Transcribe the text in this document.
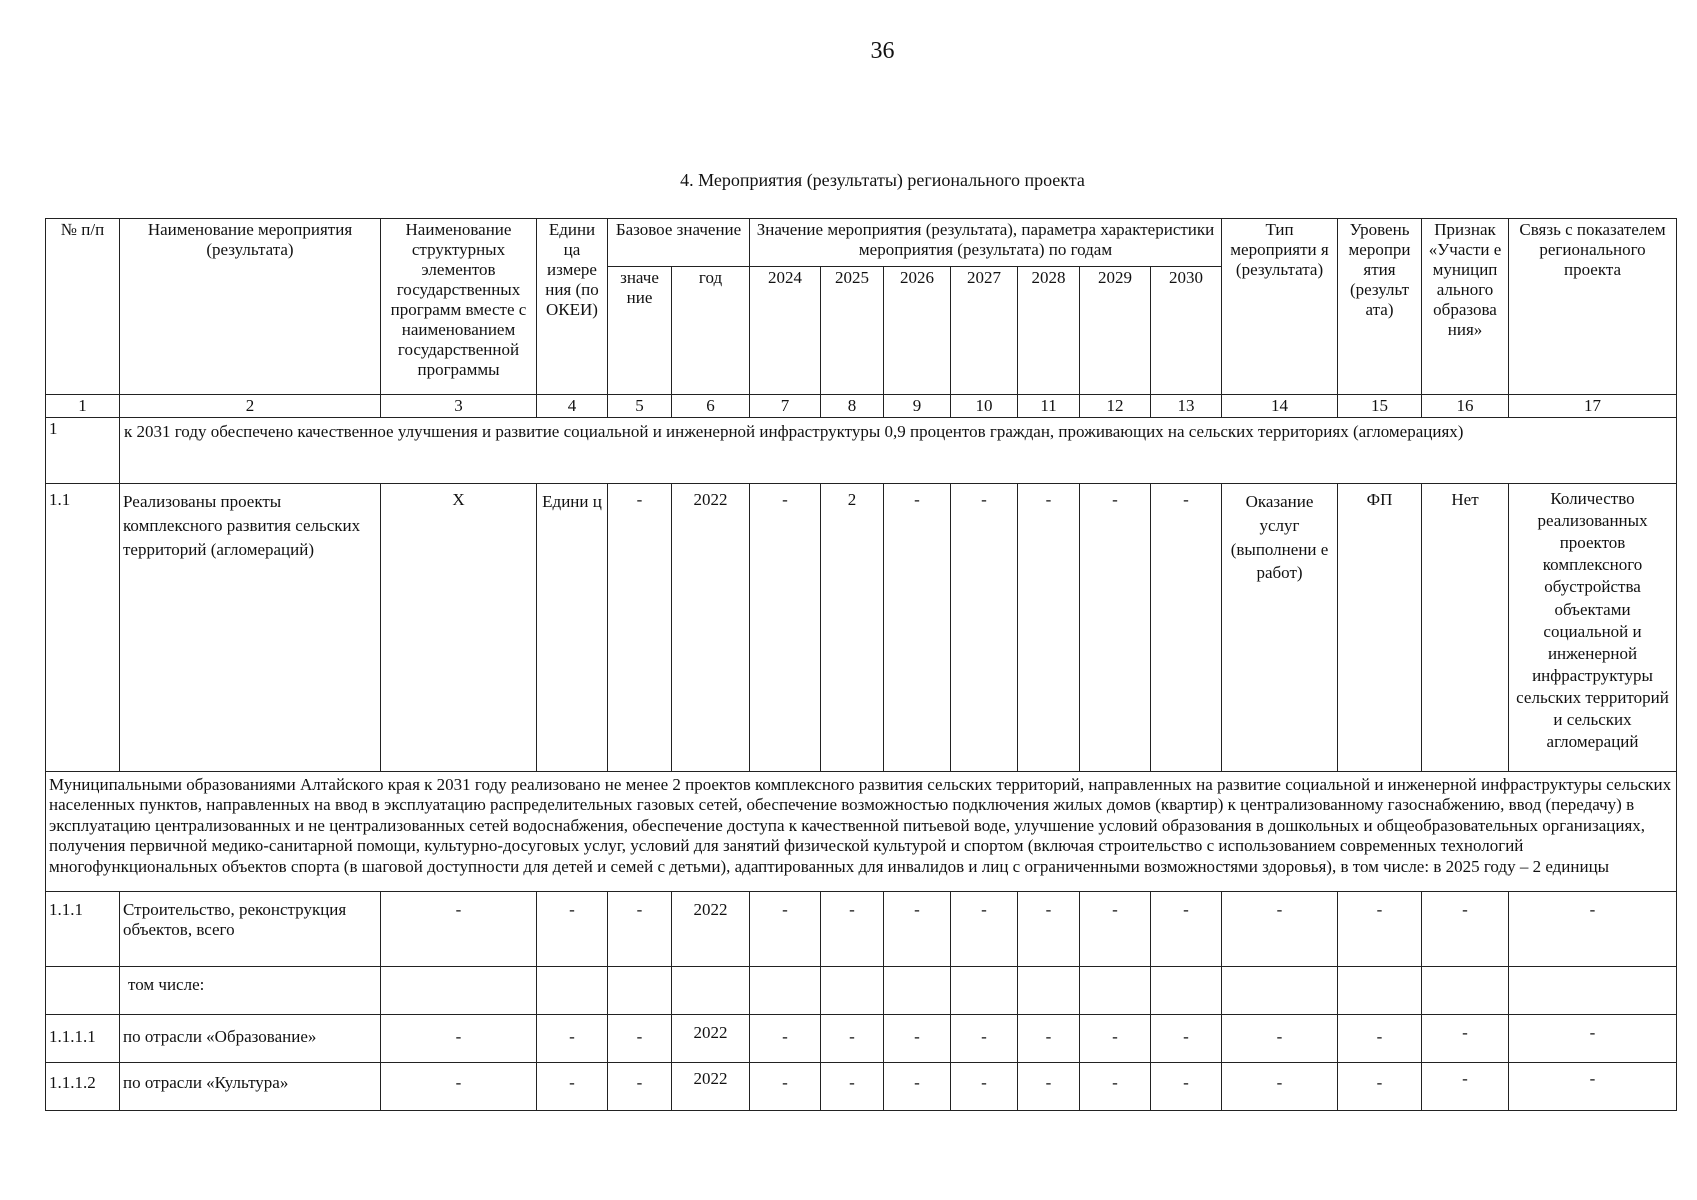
36
4. Мероприятия (результаты) регионального проекта
№ п/п	Наименование мероприятия (результата)	Наименование структурных элементов государственных программ вместе с наименованием государственной программы	Едини ца измере ния (по ОКЕИ)	Базовое значение		Значение мероприятия (результата), параметра характеристики мероприятия (результата) по годам							Тип мероприяти я (результата)	Уровень меропри ятия (результ ата)	Признак «Участи е муницип ального образова ния»	Связь с показателем регионального проекта
				значе ние	год	2024	2025	2026	2027	2028	2029	2030				
1	2	3	4	5	6	7	8	9	10	11	12	13	14	15	16	17
1	к 2031 году обеспечено качественное улучшения и развитие социальной и инженерной инфраструктуры 0,9 процентов граждан, проживающих на сельских территориях (агломерациях)															
1.1	Реализованы проекты комплексного развития сельских территорий (агломераций)	Х	Едини ц	-	2022	-	2	-	-	-	-	-	Оказание услуг (выполнени е работ)	ФП	Нет	Количество реализованных проектов комплексного обустройства объектами социальной и инженерной инфраструктуры сельских территорий и сельских агломераций
Муниципальными образованиями Алтайского края к 2031 году реализовано не менее 2 проектов комплексного развития сельских территорий, направленных на развитие социальной и инженерной инфраструктуры сельских населенных пунктов, направленных на ввод в эксплуатацию распределительных газовых сетей, обеспечение возможностью подключения жилых домов (квартир) к централизованному газоснабжению, ввод (передачу) в эксплуатацию централизованных и не централизованных сетей водоснабжения, обеспечение доступа к качественной питьевой воде, улучшение условий образования в дошкольных и общеобразовательных организациях, получения первичной медико-санитарной помощи, культурно-досуговых услуг, условий для занятий физической культурой и спортом (включая строительство с использованием современных технологий многофункциональных объектов спорта (в шаговой доступности для детей и семей с детьми), адаптированных для инвалидов и лиц с ограниченными возможностями здоровья), в том числе: в 2025 году – 2 единицы																
1.1.1	Строительство, реконструкция объектов, всего	-	-	-	2022	-	-	-	-	-	-	-	-	-	-	-
	том числе:															
1.1.1.1	по отрасли «Образование»	-	-	-	2022	-	-	-	-	-	-	-	-	-	-	-
1.1.1.2	по отрасли «Культура»	-	-	-	2022	-	-	-	-	-	-	-	-	-	-	-
